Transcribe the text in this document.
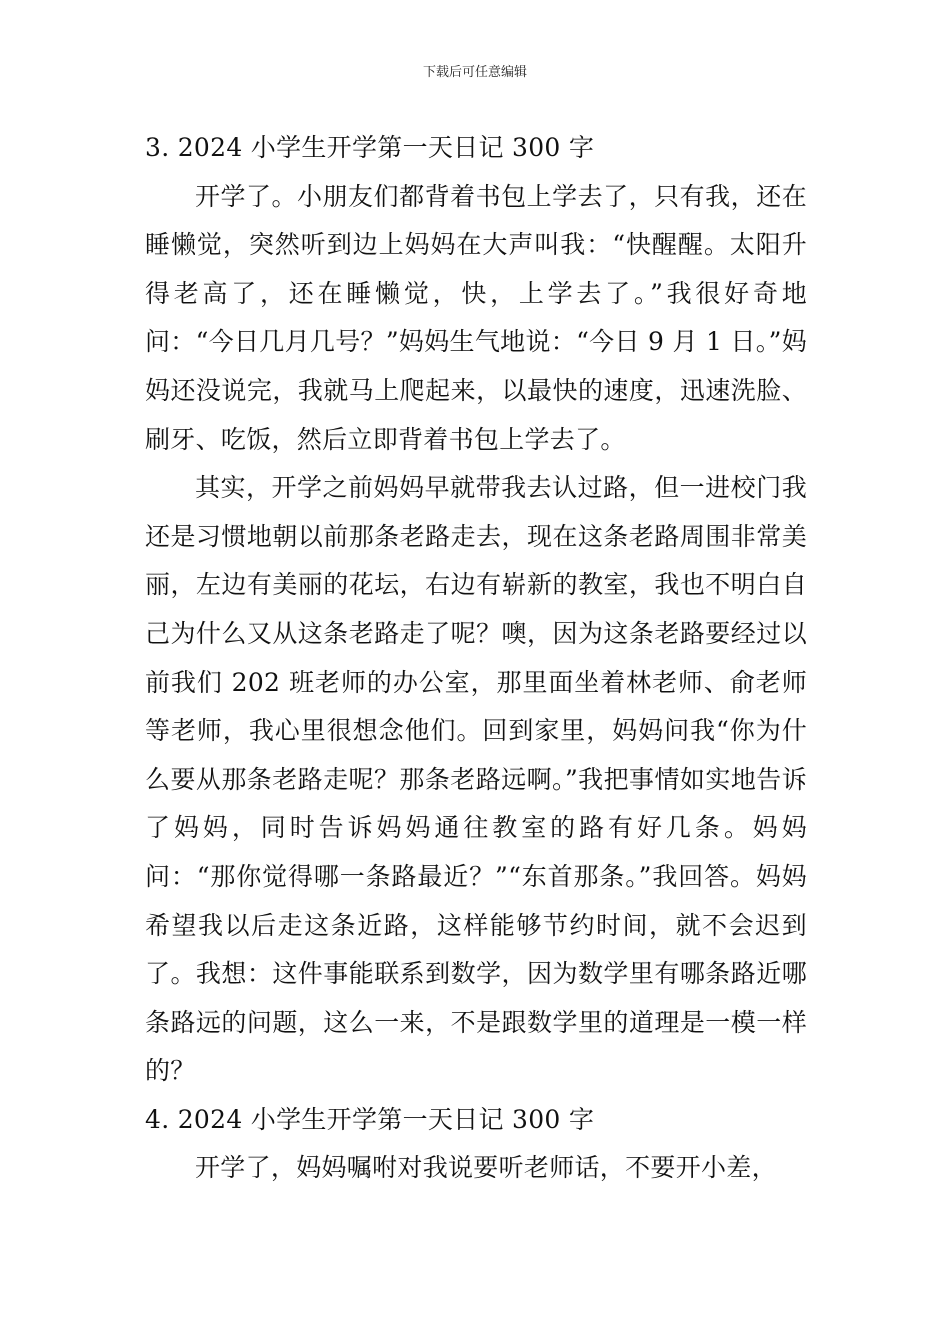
下载后可任意编辑
3. 2024 小学生开学第一天日记 300 字

开学了。小朋友们都背着书包上学去了，只有我，还在睡懒觉，突然听到边上妈妈在大声叫我：“快醒醒。太阳升得老高了，还在睡懒觉，快，上学去了。”我很好奇地问：“今日几月几号？”妈妈生气地说：“今日 9 月 1 日。”妈妈还没说完，我就马上爬起来，以最快的速度，迅速洗脸、刷牙、吃饭，然后立即背着书包上学去了。

其实，开学之前妈妈早就带我去认过路，但一进校门我还是习惯地朝以前那条老路走去，现在这条老路周围非常美丽，左边有美丽的花坛，右边有崭新的教室，我也不明白自己为什么又从这条老路走了呢？噢，因为这条老路要经过以前我们 202 班老师的办公室，那里面坐着林老师、俞老师等老师，我心里很想念他们。回到家里，妈妈问我“你为什么要从那条老路走呢？那条老路远啊。”我把事情如实地告诉了妈妈，同时告诉妈妈通往教室的路有好几条。妈妈问：“那你觉得哪一条路最近？”“东首那条。”我回答。妈妈希望我以后走这条近路，这样能够节约时间，就不会迟到了。我想：这件事能联系到数学，因为数学里有哪条路近哪条路远的问题，这么一来，不是跟数学里的道理是一模一样的？

4. 2024 小学生开学第一天日记 300 字

开学了，妈妈嘱咐对我说要听老师话，不要开小差，
